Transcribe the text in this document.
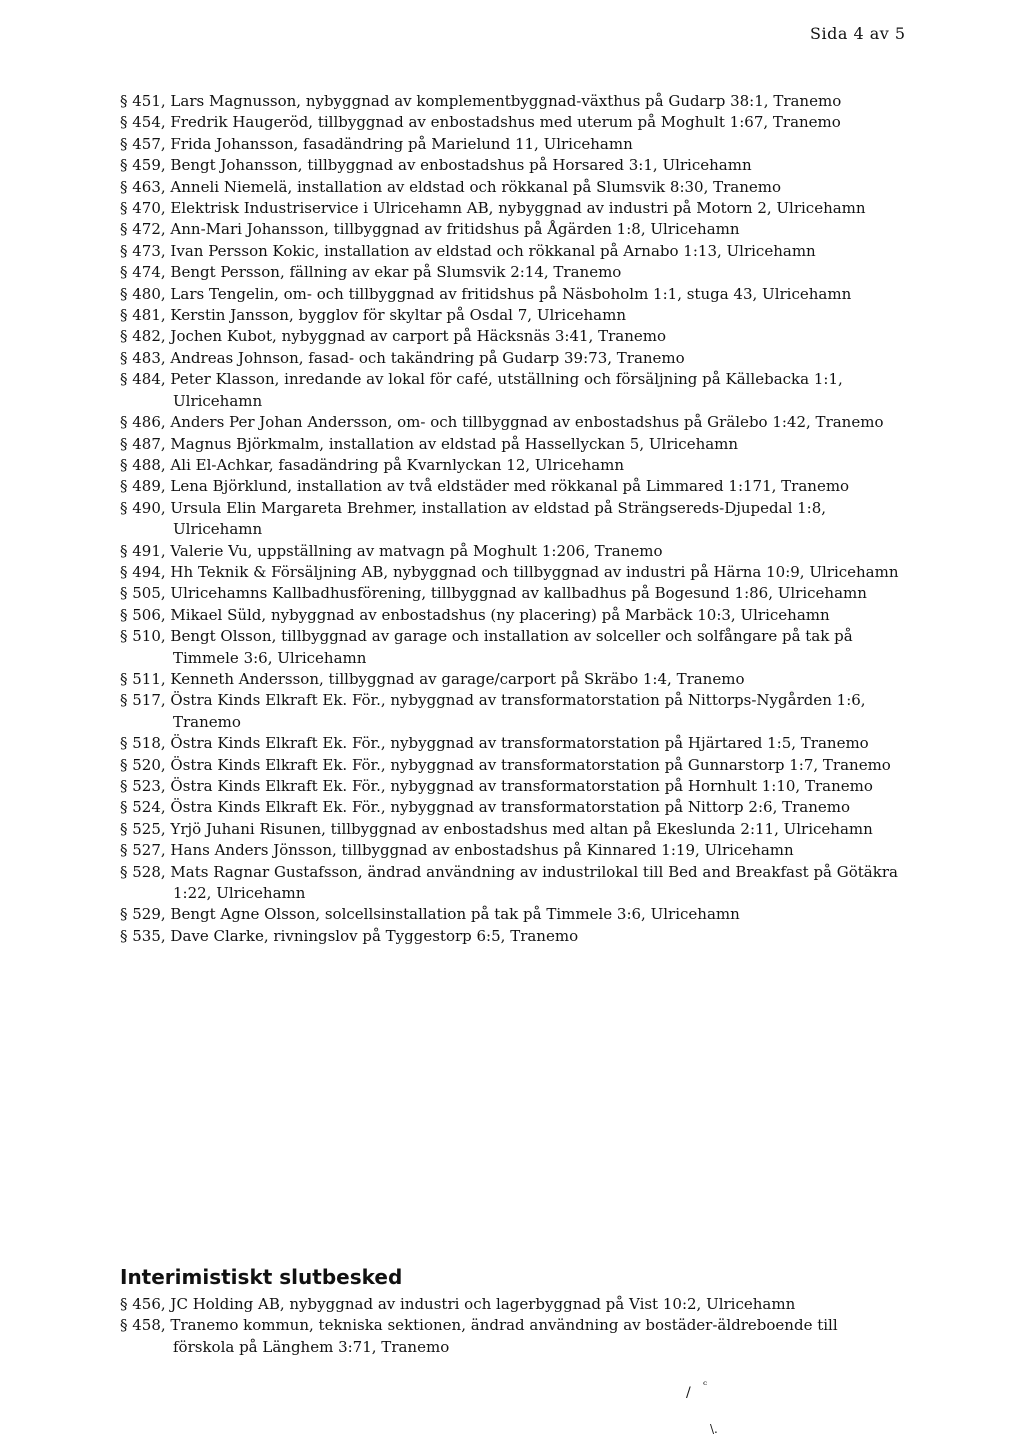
Sida 4 av 5

§ 451, Lars Magnusson, nybyggnad av komplementbyggnad-växthus på Gudarp 38:1, Tranemo

§ 454, Fredrik Haugeröd, tillbyggnad av enbostadshus med uterum på Moghult 1:67, Tranemo

§ 457, Frida Johansson, fasadändring på Marielund 11, Ulricehamn

§ 459, Bengt Johansson, tillbyggnad av enbostadshus på Horsared 3:1, Ulricehamn

§ 463, Anneli Niemelä, installation av eldstad och rökkanal på Slumsvik 8:30, Tranemo

§ 470, Elektrisk Industriservice i Ulricehamn AB, nybyggnad av industri på Motorn 2, Ulricehamn

§ 472, Ann-Mari Johansson, tillbyggnad av fritidshus på Ågärden 1:8, Ulricehamn

§ 473, Ivan Persson Kokic, installation av eldstad och rökkanal på Arnabo 1:13, Ulricehamn

§ 474, Bengt Persson, fällning av ekar på Slumsvik 2:14, Tranemo

§ 480, Lars Tengelin, om- och tillbyggnad av fritidshus på Näsboholm 1:1, stuga 43, Ulricehamn

§ 481, Kerstin Jansson, bygglov för skyltar på Osdal 7, Ulricehamn

§ 482, Jochen Kubot, nybyggnad av carport på Häcksnäs 3:41, Tranemo

§ 483, Andreas Johnson, fasad- och takändring på Gudarp 39:73, Tranemo

§ 484, Peter Klasson, inredande av lokal för café, utställning och försäljning på Källebacka 1:1, Ulricehamn

§ 486, Anders Per Johan Andersson, om- och tillbyggnad av enbostadshus på Grälebo 1:42, Tranemo

§ 487, Magnus Björkmalm, installation av eldstad på Hassellyckan 5, Ulricehamn

§ 488, Ali El-Achkar, fasadändring på Kvarnlyckan 12, Ulricehamn

§ 489, Lena Björklund, installation av två eldstäder med rökkanal på Limmared 1:171, Tranemo

§ 490, Ursula Elin Margareta Brehmer, installation av eldstad på Strängsereds-Djupedal 1:8, Ulricehamn

§ 491, Valerie Vu, uppställning av matvagn på Moghult 1:206, Tranemo

§ 494, Hh Teknik & Försäljning AB, nybyggnad och tillbyggnad av industri på Härna 10:9, Ulricehamn

§ 505, Ulricehamns Kallbadhusförening, tillbyggnad av kallbadhus på Bogesund 1:86, Ulricehamn

§ 506, Mikael Süld, nybyggnad av enbostadshus (ny placering) på Marbäck 10:3, Ulricehamn

§ 510, Bengt Olsson, tillbyggnad av garage och installation av solceller och solfångare på tak på Timmele 3:6, Ulricehamn

§ 511, Kenneth Andersson, tillbyggnad av garage/carport på Skräbo 1:4, Tranemo

§ 517, Östra Kinds Elkraft Ek. För., nybyggnad av transformatorstation på Nittorps-Nygården 1:6, Tranemo

§ 518, Östra Kinds Elkraft Ek. För., nybyggnad av transformatorstation på Hjärtared 1:5, Tranemo

§ 520, Östra Kinds Elkraft Ek. För., nybyggnad av transformatorstation på Gunnarstorp 1:7, Tranemo

§ 523, Östra Kinds Elkraft Ek. För., nybyggnad av transformatorstation på Hornhult 1:10, Tranemo

§ 524, Östra Kinds Elkraft Ek. För., nybyggnad av transformatorstation på Nittorp 2:6, Tranemo

§ 525, Yrjö Juhani Risunen, tillbyggnad av enbostadshus med altan på Ekeslunda 2:11, Ulricehamn

§ 527, Hans Anders Jönsson, tillbyggnad av enbostadshus på Kinnared 1:19, Ulricehamn

§ 528, Mats Ragnar Gustafsson, ändrad användning av industrilokal till Bed and Breakfast på Götäkra 1:22, Ulricehamn

§ 529, Bengt Agne Olsson, solcellsinstallation på tak på Timmele 3:6, Ulricehamn

§ 535, Dave Clarke, rivningslov på Tyggestorp 6:5, Tranemo

Interimistiskt slutbesked

§ 456, JC Holding AB, nybyggnad av industri och lagerbyggnad på Vist 10:2, Ulricehamn

§ 458, Tranemo kommun, tekniska sektionen, ändrad användning av bostäder-äldreboende till förskola på Länghem 3:71, Tranemo

/ ᶜ
\.
